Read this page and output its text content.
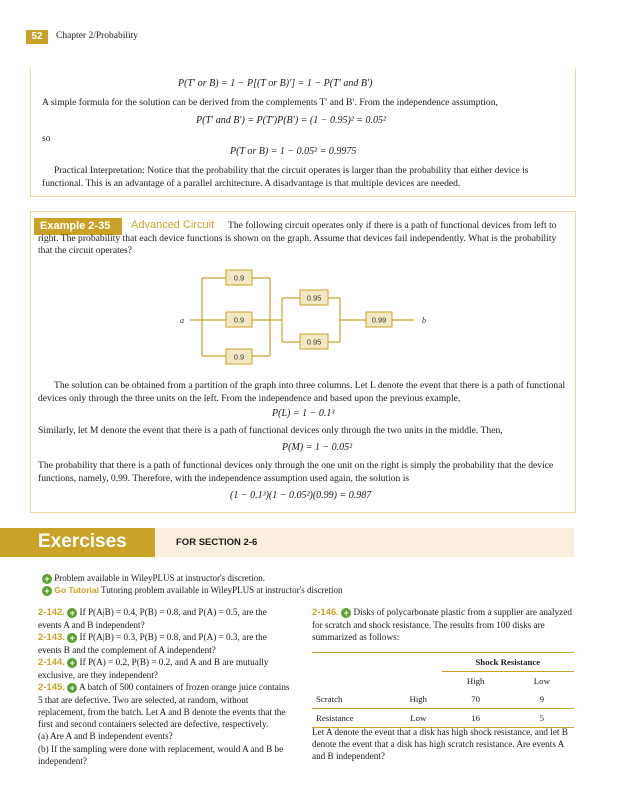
52	Chapter 2/Probability
P(T′ or B) = 1 − P[(T or B)′] = 1 − P(T′ and B′)
A simple formula for the solution can be derived from the complements T′ and B′. From the independence assumption,
P(T′ and B′) = P(T′)P(B′) = (1 − 0.95)² = 0.05²
so
P(T or B) = 1 − 0.05² = 0.9975
Practical Interpretation: Notice that the probability that the circuit operates is larger than the probability that either device is functional. This is an advantage of a parallel architecture. A disadvantage is that multiple devices are needed.
Example 2-35	Advanced Circuit	The following circuit operates only if there is a path of functional devices from left to right. The probability that each device functions is shown on the graph. Assume that devices fail independently. What is the probability that the circuit operates?
0.9
0.9
0.9
0.95
0.95
0.99
a	b
The solution can be obtained from a partition of the graph into three columns. Let L denote the event that there is a path of functional devices only through the three units on the left. From the independence and based upon the previous example,
P(L) = 1 − 0.1³
Similarly, let M denote the event that there is a path of functional devices only through the two units in the middle. Then,
P(M) = 1 − 0.05²
The probability that there is a path of functional devices only through the one unit on the right is simply the probability that the device functions, namely, 0.99. Therefore, with the independence assumption used again, the solution is
(1 − 0.1³)(1 − 0.05²)(0.99) = 0.987
Exercises	FOR SECTION 2-6
+ Problem available in WileyPLUS at instructor's discretion.
+ Go Tutorial Tutoring problem available in WileyPLUS at instructor's discretion
2-142. + If P(A|B) = 0.4, P(B) = 0.8, and P(A) = 0.5, are the events A and B independent?
2-143. + If P(A|B) = 0.3, P(B) = 0.8, and P(A) = 0.3, are the events B and the complement of A independent?
2-144. + If P(A) = 0.2, P(B) = 0.2, and A and B are mutually exclusive, are they independent?
2-145. + A batch of 500 containers of frozen orange juice contains 5 that are defective. Two are selected, at random, without replacement, from the batch. Let A and B denote the events that the first and second containers selected are defective, respectively.
(a) Are A and B independent events?
(b) If the sampling were done with replacement, would A and B be independent?
2-146. + Disks of polycarbonate plastic from a supplier are analyzed for scratch and shock resistance. The results from 100 disks are summarized as follows:
		Shock Resistance	
		High	Low
Scratch	High	70	9
Resistance	Low	16	5
Let A denote the event that a disk has high shock resistance, and let B denote the event that a disk has high scratch resistance. Are events A and B independent?
